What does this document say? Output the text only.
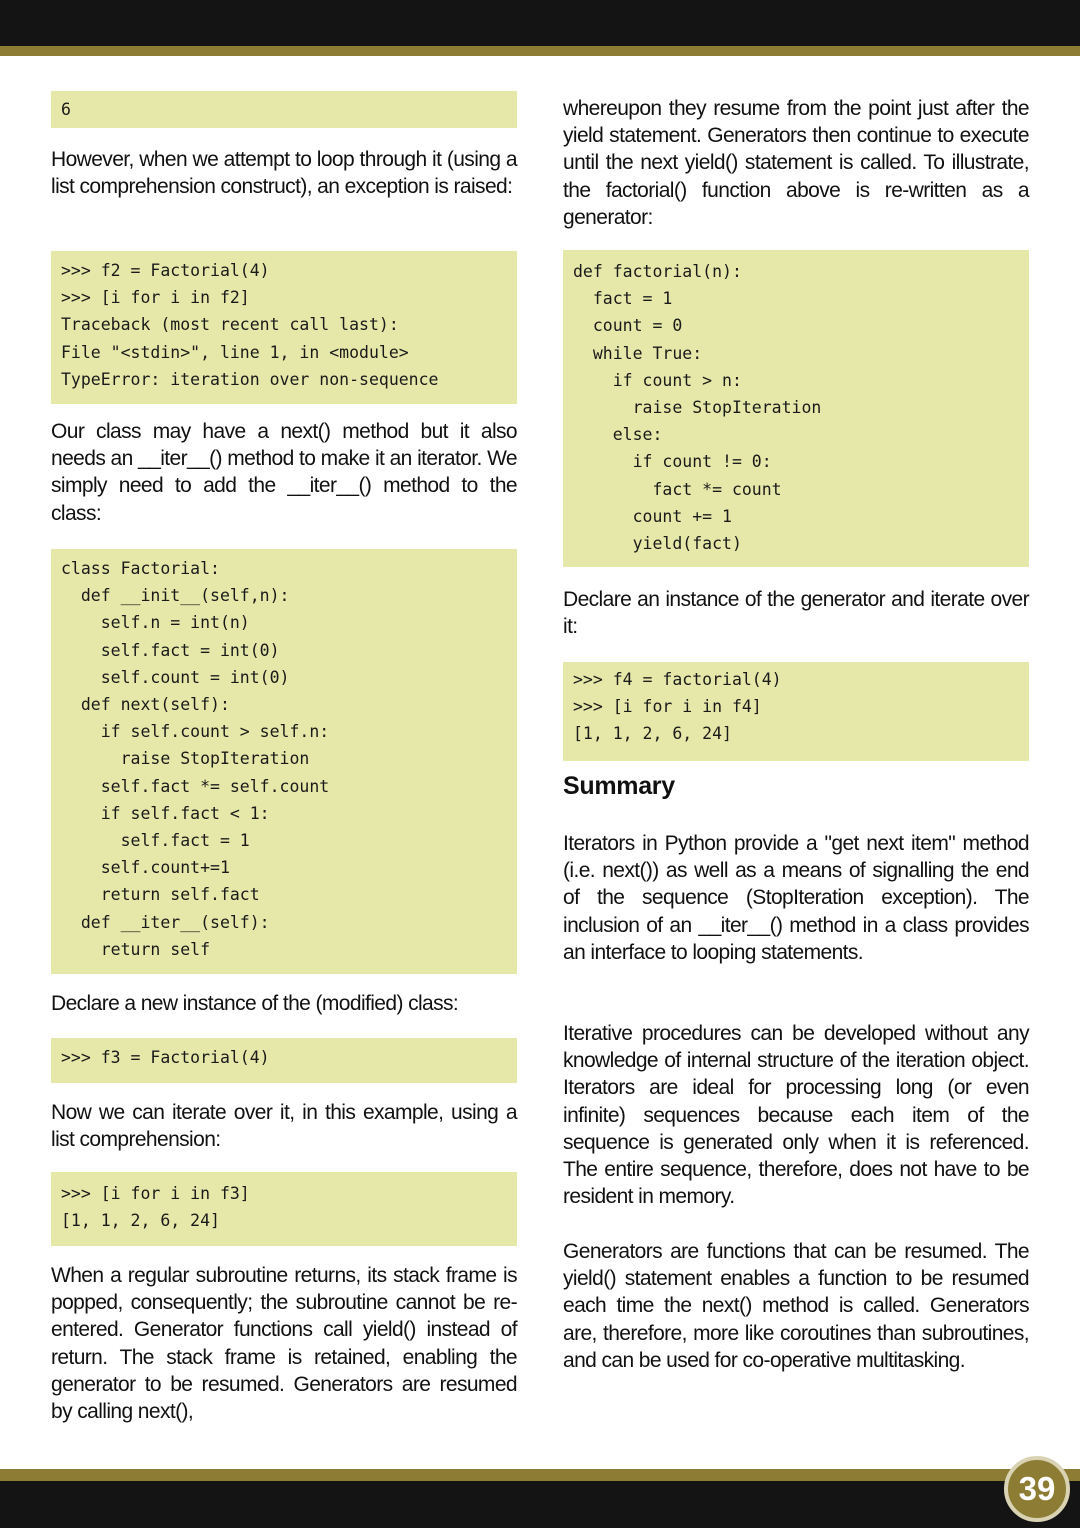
6

However, when we attempt to loop through it (using a list comprehension construct), an exception is raised:

>>> f2 = Factorial(4)
>>> [i for i in f2]
Traceback (most recent call last):
File "<stdin>", line 1, in <module>
TypeError: iteration over non-sequence

Our class may have a next() method but it also needs an __iter__() method to make it an iterator. We simply need to add the __iter__() method to the class:

class Factorial:
def __init__(self,n):
self.n = int(n)
self.fact = int(0)
self.count = int(0)
def next(self):
if self.count > self.n:
raise StopIteration
self.fact *= self.count
if self.fact < 1:
self.fact = 1
self.count+=1
return self.fact
def __iter__(self):
return self

Declare a new instance of the (modified) class:

>>> f3 = Factorial(4)

Now we can iterate over it, in this example, using a list comprehension:

>>> [i for i in f3]
[1, 1, 2, 6, 24]

When a regular subroutine returns, its stack frame is popped, consequently; the subroutine cannot be re-entered. Generator functions call yield() instead of return. The stack frame is retained, enabling the generator to be resumed. Generators are resumed by calling next(),

whereupon they resume from the point just after the yield statement. Generators then continue to execute until the next yield() statement is called. To illustrate, the factorial() function above is re-written as a generator:

def factorial(n):
fact = 1
count = 0
while True:
if count > n:
raise StopIteration
else:
if count != 0:
fact *= count
count += 1
yield(fact)

Declare an instance of the generator and iterate over it:

>>> f4 = factorial(4)
>>> [i for i in f4]
[1, 1, 2, 6, 24]
Summary

Iterators in Python provide a "get next item" method (i.e. next()) as well as a means of signalling the end of the sequence (StopIteration exception). The inclusion of an __iter__() method in a class provides an interface to looping statements.

Iterative procedures can be developed without any knowledge of internal structure of the iteration object. Iterators are ideal for processing long (or even infinite) sequences because each item of the sequence is generated only when it is referenced. The entire sequence, therefore, does not have to be resident in memory.

Generators are functions that can be resumed. The yield() statement enables a function to be resumed each time the next() method is called. Generators are, therefore, more like coroutines than subroutines, and can be used for co-operative multitasking.

39
